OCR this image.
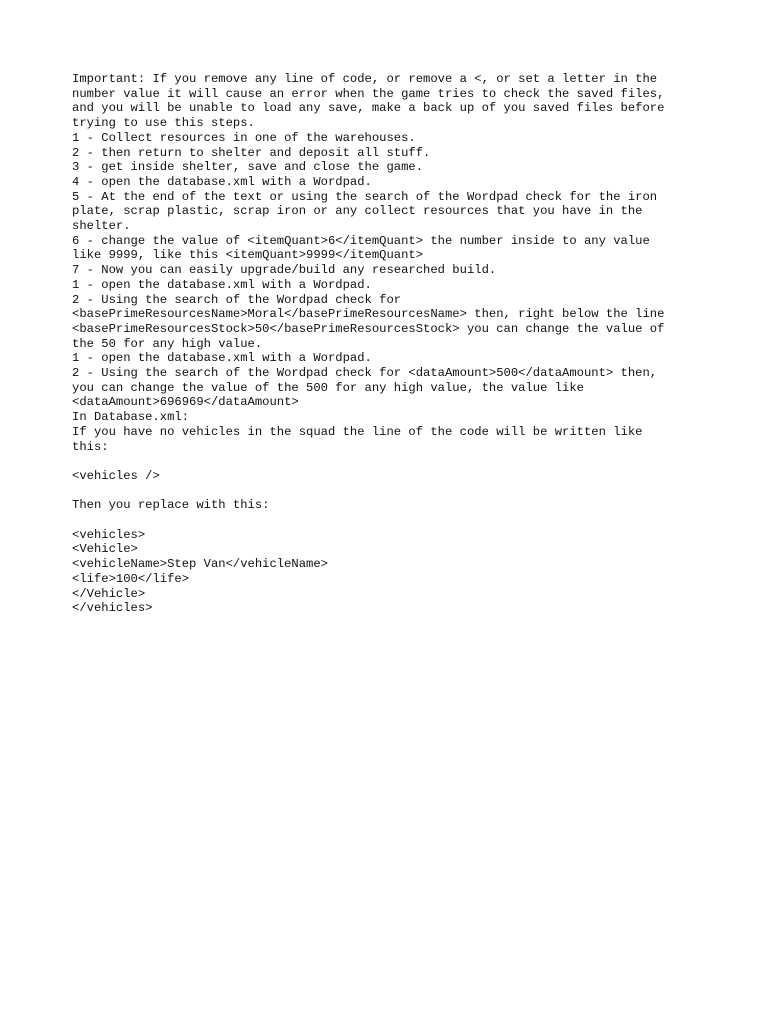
Important: If you remove any line of code, or remove a <, or set a letter in the
number value it will cause an error when the game tries to check the saved files,
and you will be unable to load any save, make a back up of you saved files before
trying to use this steps.
1 - Collect resources in one of the warehouses.
2 - then return to shelter and deposit all stuff.
3 - get inside shelter, save and close the game.
4 - open the database.xml with a Wordpad.
5 - At the end of the text or using the search of the Wordpad check for the iron
plate, scrap plastic, scrap iron or any collect resources that you have in the
shelter.
6 - change the value of <itemQuant>6</itemQuant> the number inside to any value
like 9999, like this <itemQuant>9999</itemQuant>
7 - Now you can easily upgrade/build any researched build.
1 - open the database.xml with a Wordpad.
2 - Using the search of the Wordpad check for
<basePrimeResourcesName>Moral</basePrimeResourcesName> then, right below the line
<basePrimeResourcesStock>50</basePrimeResourcesStock> you can change the value of
the 50 for any high value.
1 - open the database.xml with a Wordpad.
2 - Using the search of the Wordpad check for <dataAmount>500</dataAmount> then,
you can change the value of the 500 for any high value, the value like
<dataAmount>696969</dataAmount>
In Database.xml:
If you have no vehicles in the squad the line of the code will be written like
this:
<vehicles />
Then you replace with this:
<vehicles>
<Vehicle>
<vehicleName>Step Van</vehicleName>
<life>100</life>
</Vehicle>
</vehicles>
